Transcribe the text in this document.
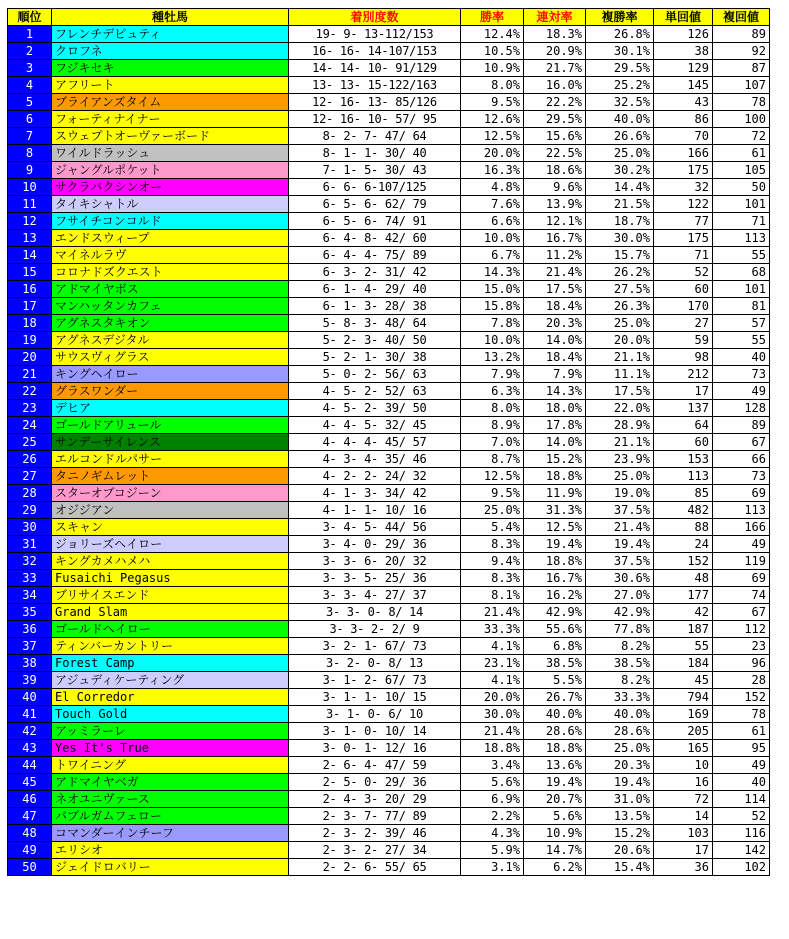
順位	種牡馬	着別度数	勝率	連対率	複勝率	単回値	複回値
1	フレンチデピュティ	19- 9- 13-112/153	12.4%	18.3%	26.8%	126	89
2	クロフネ	16- 16- 14-107/153	10.5%	20.9%	30.1%	38	92
3	フジキセキ	14- 14- 10- 91/129	10.9%	21.7%	29.5%	129	87
4	アフリート	13- 13- 15-122/163	8.0%	16.0%	25.2%	145	107
5	ブライアンズタイム	12- 16- 13- 85/126	9.5%	22.2%	32.5%	43	78
6	フォーティナイナー	12- 16- 10- 57/ 95	12.6%	29.5%	40.0%	86	100
7	スウェプトオーヴァーボード	8- 2- 7- 47/ 64	12.5%	15.6%	26.6%	70	72
8	ワイルドラッシュ	8- 1- 1- 30/ 40	20.0%	22.5%	25.0%	166	61
9	ジャングルポケット	7- 1- 5- 30/ 43	16.3%	18.6%	30.2%	175	105
10	サクラバクシンオー	6- 6- 6-107/125	4.8%	9.6%	14.4%	32	50
11	タイキシャトル	6- 5- 6- 62/ 79	7.6%	13.9%	21.5%	122	101
12	フサイチコンコルド	6- 5- 6- 74/ 91	6.6%	12.1%	18.7%	77	71
13	エンドスウィープ	6- 4- 8- 42/ 60	10.0%	16.7%	30.0%	175	113
14	マイネルラヴ	6- 4- 4- 75/ 89	6.7%	11.2%	15.7%	71	55
15	コロナドズクエスト	6- 3- 2- 31/ 42	14.3%	21.4%	26.2%	52	68
16	アドマイヤボス	6- 1- 4- 29/ 40	15.0%	17.5%	27.5%	60	101
17	マンハッタンカフェ	6- 1- 3- 28/ 38	15.8%	18.4%	26.3%	170	81
18	アグネスタキオン	5- 8- 3- 48/ 64	7.8%	20.3%	25.0%	27	57
19	アグネスデジタル	5- 2- 3- 40/ 50	10.0%	14.0%	20.0%	59	55
20	サウスヴィグラス	5- 2- 1- 30/ 38	13.2%	18.4%	21.1%	98	40
21	キングヘイロー	5- 0- 2- 56/ 63	7.9%	7.9%	11.1%	212	73
22	グラスワンダー	4- 5- 2- 52/ 63	6.3%	14.3%	17.5%	17	49
23	デヒア	4- 5- 2- 39/ 50	8.0%	18.0%	22.0%	137	128
24	ゴールドアリュール	4- 4- 5- 32/ 45	8.9%	17.8%	28.9%	64	89
25	サンデーサイレンス	4- 4- 4- 45/ 57	7.0%	14.0%	21.1%	60	67
26	エルコンドルパサー	4- 3- 4- 35/ 46	8.7%	15.2%	23.9%	153	66
27	タニノギムレット	4- 2- 2- 24/ 32	12.5%	18.8%	25.0%	113	73
28	スターオブコジーン	4- 1- 3- 34/ 42	9.5%	11.9%	19.0%	85	69
29	オジジアン	4- 1- 1- 10/ 16	25.0%	31.3%	37.5%	482	113
30	スキャン	3- 4- 5- 44/ 56	5.4%	12.5%	21.4%	88	166
31	ジョリーズヘイロー	3- 4- 0- 29/ 36	8.3%	19.4%	19.4%	24	49
32	キングカメハメハ	3- 3- 6- 20/ 32	9.4%	18.8%	37.5%	152	119
33	Fusaichi Pegasus	3- 3- 5- 25/ 36	8.3%	16.7%	30.6%	48	69
34	ブリサイスエンド	3- 3- 4- 27/ 37	8.1%	16.2%	27.0%	177	74
35	Grand Slam	3- 3- 0- 8/ 14	21.4%	42.9%	42.9%	42	67
36	ゴールドヘイロー	3- 3- 2- 2/ 9	33.3%	55.6%	77.8%	187	112
37	ティンバーカントリー	3- 2- 1- 67/ 73	4.1%	6.8%	8.2%	55	23
38	Forest Camp	3- 2- 0- 8/ 13	23.1%	38.5%	38.5%	184	96
39	アジュディケーティング	3- 1- 2- 67/ 73	4.1%	5.5%	8.2%	45	28
40	El Corredor	3- 1- 1- 10/ 15	20.0%	26.7%	33.3%	794	152
41	Touch Gold	3- 1- 0- 6/ 10	30.0%	40.0%	40.0%	169	78
42	アッミラーレ	3- 1- 0- 10/ 14	21.4%	28.6%	28.6%	205	61
43	Yes It's True	3- 0- 1- 12/ 16	18.8%	18.8%	25.0%	165	95
44	トワイニング	2- 6- 4- 47/ 59	3.4%	13.6%	20.3%	10	49
45	アドマイヤベガ	2- 5- 0- 29/ 36	5.6%	19.4%	19.4%	16	40
46	ネオユニヴァース	2- 4- 3- 20/ 29	6.9%	20.7%	31.0%	72	114
47	バブルガムフェロー	2- 3- 7- 77/ 89	2.2%	5.6%	13.5%	14	52
48	コマンダーインチーフ	2- 3- 2- 39/ 46	4.3%	10.9%	15.2%	103	116
49	エリシオ	2- 3- 2- 27/ 34	5.9%	14.7%	20.6%	17	142
50	ジェイドロバリー	2- 2- 6- 55/ 65	3.1%	6.2%	15.4%	36	102
